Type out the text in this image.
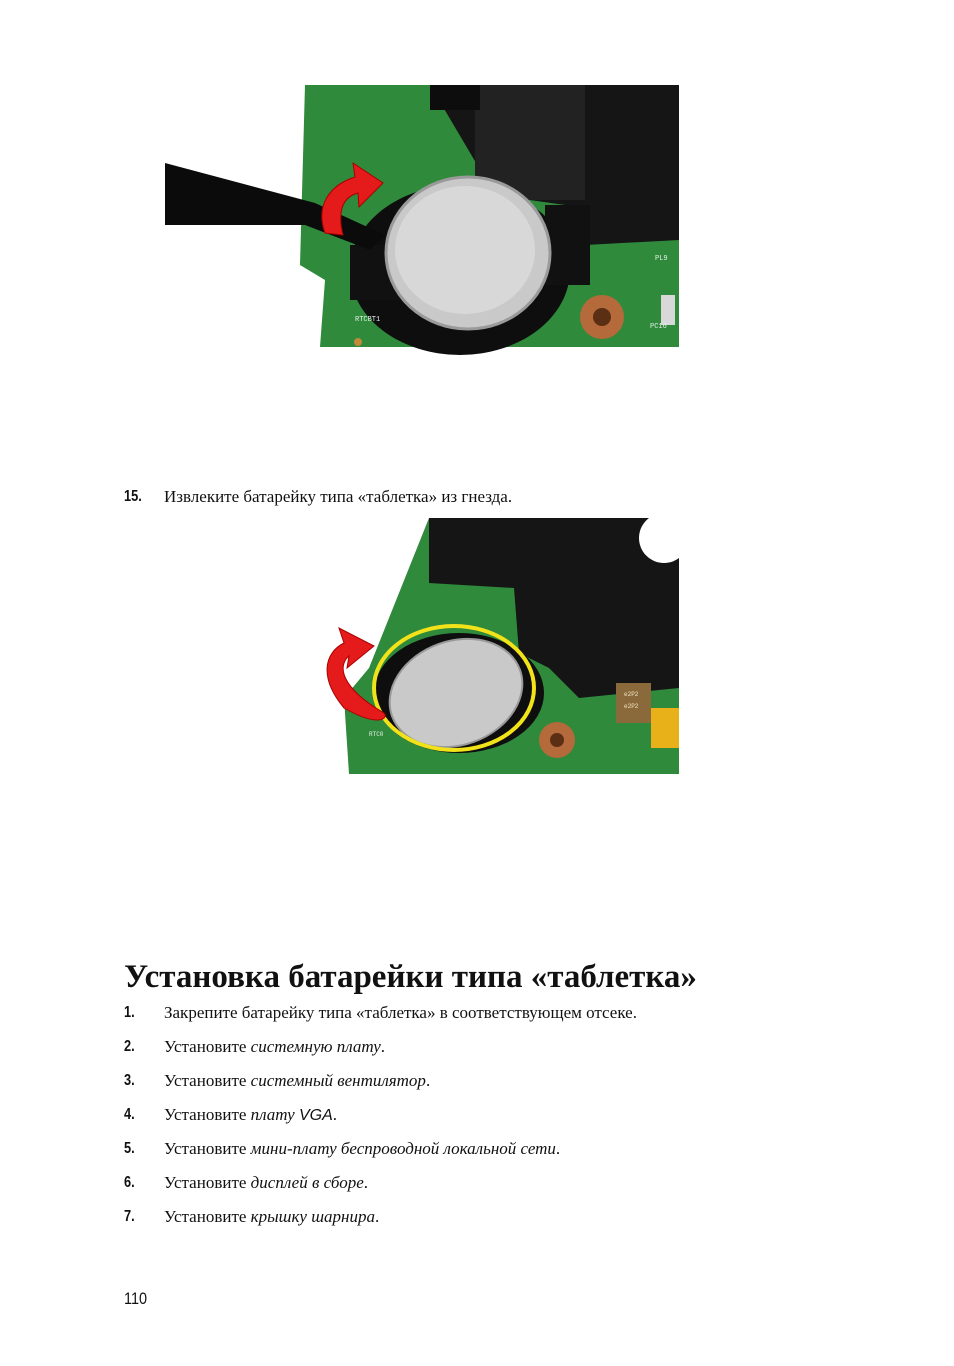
RTCBT1
PL9
PC16
15.	Извлеките батарейку типа «таблетка» из гнезда.
RTC0
e2P2
e2P2
Установка батарейки типа «таблетка»
1.	Закрепите батарейку типа «таблетка» в соответствующем отсеке.
2.	Установите системную плату.
3.	Установите системный вентилятор.
4.	Установите плату VGA.
5.	Установите мини-плату беспроводной локальной сети.
6.	Установите дисплей в сборе.
7.	Установите крышку шарнира.
110
